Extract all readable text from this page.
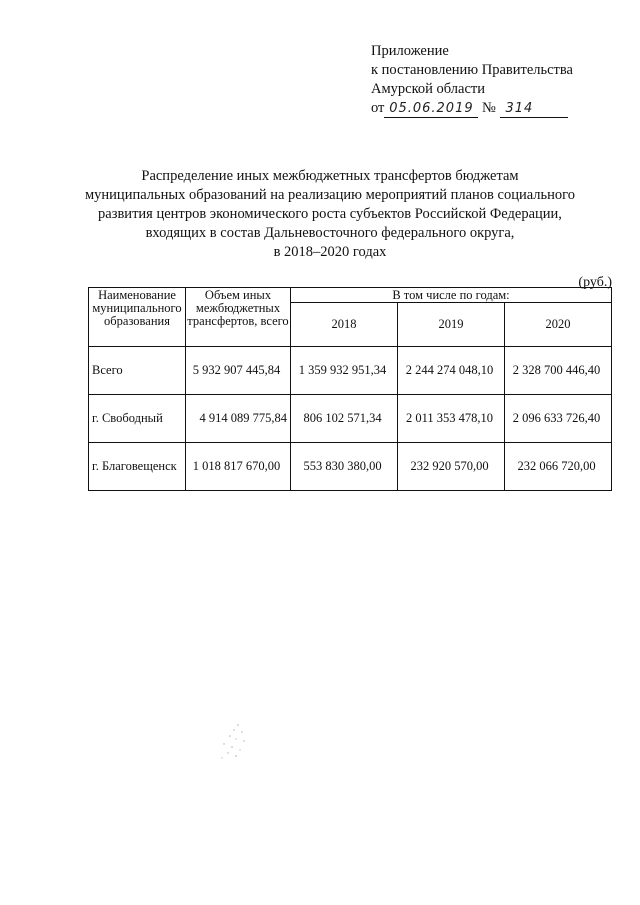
Приложение
к постановлению Правительства
Амурской области
от 05.06.2019 № 314
Распределение иных межбюджетных трансфертов бюджетам
муниципальных образований на реализацию мероприятий планов социального
развития центров экономического роста субъектов Российской Федерации,
входящих в состав Дальневосточного федерального округа,
в 2018–2020 годах
(руб.)
Наименование муниципального образования	Объем иных межбюджетных трансфертов, всего	В том числе по годам:		
		2018	2019	2020
Всего	5 932 907 445,84	1 359 932 951,34	2 244 274 048,10	2 328 700 446,40
г. Свободный	4 914 089 775,84	806 102 571,34	2 011 353 478,10	2 096 633 726,40
г. Благовещенск	1 018 817 670,00	553 830 380,00	232 920 570,00	232 066 720,00
